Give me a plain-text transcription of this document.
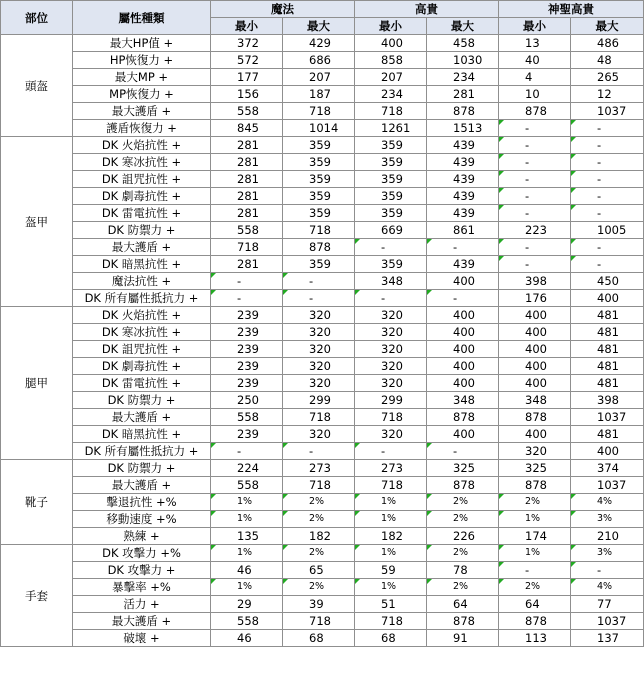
部位	屬性種類	魔法		高貴		神聖高貴	
		最小	最大	最小	最大	最小	最大
頭盔	最大HP值 +	372	429	400	458	13	486
	HP恢復力 +	572	686	858	1030	40	48
	最大MP +	177	207	207	234	4	265
	MP恢復力 +	156	187	234	281	10	12
	最大護盾 +	558	718	718	878	878	1037
	護盾恢復力 +	845	1014	1261	1513	-	-
盔甲	DK 火焰抗性 +	281	359	359	439	-	-
	DK 寒冰抗性 +	281	359	359	439	-	-
	DK 詛咒抗性 +	281	359	359	439	-	-
	DK 劇毒抗性 +	281	359	359	439	-	-
	DK 雷電抗性 +	281	359	359	439	-	-
	DK 防禦力 +	558	718	669	861	223	1005
	最大護盾 +	718	878	-	-	-	-
	DK 暗黑抗性 +	281	359	359	439	-	-
	魔法抗性 +	-	-	348	400	398	450
	DK 所有屬性抵抗力 +	-	-	-	-	176	400
腿甲	DK 火焰抗性 +	239	320	320	400	400	481
	DK 寒冰抗性 +	239	320	320	400	400	481
	DK 詛咒抗性 +	239	320	320	400	400	481
	DK 劇毒抗性 +	239	320	320	400	400	481
	DK 雷電抗性 +	239	320	320	400	400	481
	DK 防禦力 +	250	299	299	348	348	398
	最大護盾 +	558	718	718	878	878	1037
	DK 暗黑抗性 +	239	320	320	400	400	481
	DK 所有屬性抵抗力 +	-	-	-	-	320	400
靴子	DK 防禦力 +	224	273	273	325	325	374
	最大護盾 +	558	718	718	878	878	1037
	擊退抗性 +%	1%	2%	1%	2%	2%	4%
	移動速度 +%	1%	2%	1%	2%	1%	3%
	熟練 +	135	182	182	226	174	210
手套	DK 攻擊力 +%	1%	2%	1%	2%	1%	3%
	DK 攻擊力 +	46	65	59	78	-	-
	暴擊率 +%	1%	2%	1%	2%	2%	4%
	活力 +	29	39	51	64	64	77
	最大護盾 +	558	718	718	878	878	1037
	破壞 +	46	68	68	91	113	137
